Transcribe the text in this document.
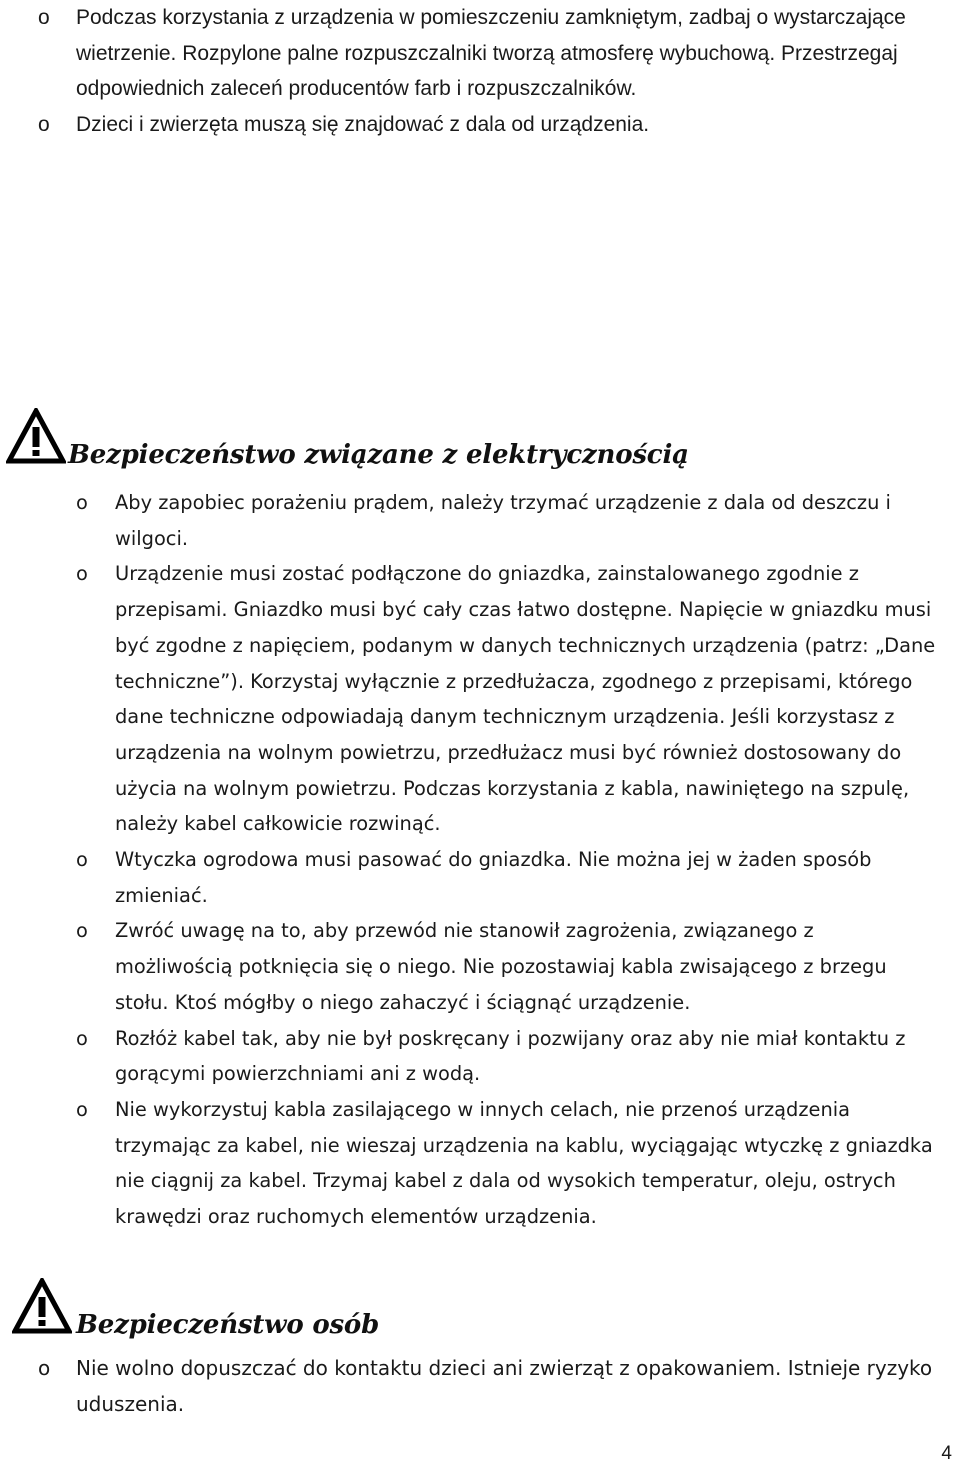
o Podczas korzystania z urządzenia w pomieszczeniu zamkniętym, zadbaj o wystarczające wietrzenie. Rozpylone palne rozpuszczalniki tworzą atmosferę wybuchową. Przestrzegaj odpowiednich zaleceń producentów farb i rozpuszczalników.
o Dzieci i zwierzęta muszą się znajdować z dala od urządzenia.
Bezpieczeństwo związane z elektrycznością
o Aby zapobiec porażeniu prądem, należy trzymać urządzenie z dala od deszczu i wilgoci.
o Urządzenie musi zostać podłączone do gniazdka, zainstalowanego zgodnie z przepisami. Gniazdko musi być cały czas łatwo dostępne. Napięcie w gniazdku musi być zgodne z napięciem, podanym w danych technicznych urządzenia (patrz: „Dane techniczne”). Korzystaj wyłącznie z przedłużacza, zgodnego z przepisami, którego dane techniczne odpowiadają danym technicznym urządzenia. Jeśli korzystasz z urządzenia na wolnym powietrzu, przedłużacz musi być również dostosowany do użycia na wolnym powietrzu. Podczas korzystania z kabla, nawiniętego na szpulę, należy kabel całkowicie rozwinąć.
o Wtyczka ogrodowa musi pasować do gniazdka. Nie można jej w żaden sposób zmieniać.
o Zwróć uwagę na to, aby przewód nie stanowił zagrożenia, związanego z możliwością potknięcia się o niego. Nie pozostawiaj kabla zwisającego z brzegu stołu. Ktoś mógłby o niego zahaczyć i ściągnąć urządzenie.
o Rozłóż kabel tak, aby nie był poskręcany i pozwijany oraz aby nie miał kontaktu z gorącymi powierzchniami ani z wodą.
o Nie wykorzystuj kabla zasilającego w innych celach, nie przenoś urządzenia trzymając za kabel, nie wieszaj urządzenia na kablu, wyciągając wtyczkę z gniazdka nie ciągnij za kabel. Trzymaj kabel z dala od wysokich temperatur, oleju, ostrych krawędzi oraz ruchomych elementów urządzenia.
Bezpieczeństwo osób
o Nie wolno dopuszczać do kontaktu dzieci ani zwierząt z opakowaniem. Istnieje ryzyko uduszenia.
4
